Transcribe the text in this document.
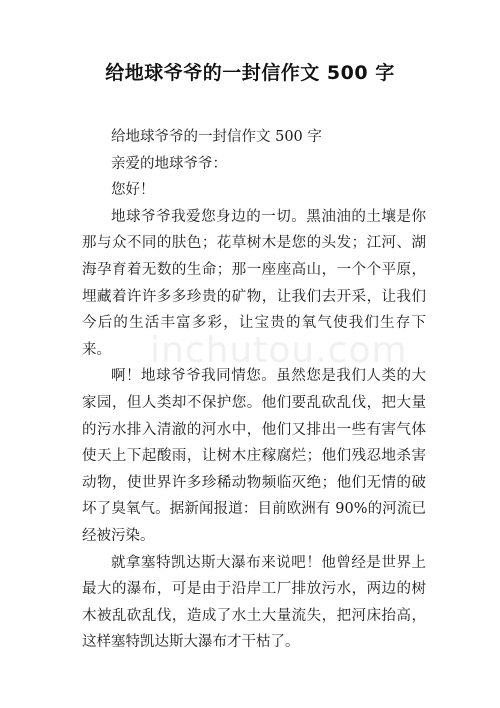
给地球爷爷的一封信作文 500 字

给地球爷爷的一封信作文 500 字

亲爱的地球爷爷：

您好！

地球爷爷我爱您身边的一切。黑油油的土壤是你那与众不同的肤色；花草树木是您的头发；江河、湖海孕育着无数的生命；那一座座高山，一个个平原，埋藏着许许多多珍贵的矿物，让我们去开采，让我们今后的生活丰富多彩，让宝贵的氧气使我们生存下来。

啊！地球爷爷我同情您。虽然您是我们人类的大家园，但人类却不保护您。他们要乱砍乱伐，把大量的污水排入清澈的河水中，他们又排出一些有害气体使天上下起酸雨，让树木庄稼腐烂；他们残忍地杀害动物，使世界许多珍稀动物频临灭绝；他们无情的破坏了臭氧气。据新闻报道：目前欧洲有 90%的河流已经被污染。

就拿塞特凯达斯大瀑布来说吧！他曾经是世界上最大的瀑布，可是由于沿岸工厂排放污水，两边的树木被乱砍乱伐，造成了水土大量流失，把河床抬高，这样塞特凯达斯大瀑布才干枯了。

inchutou.com
